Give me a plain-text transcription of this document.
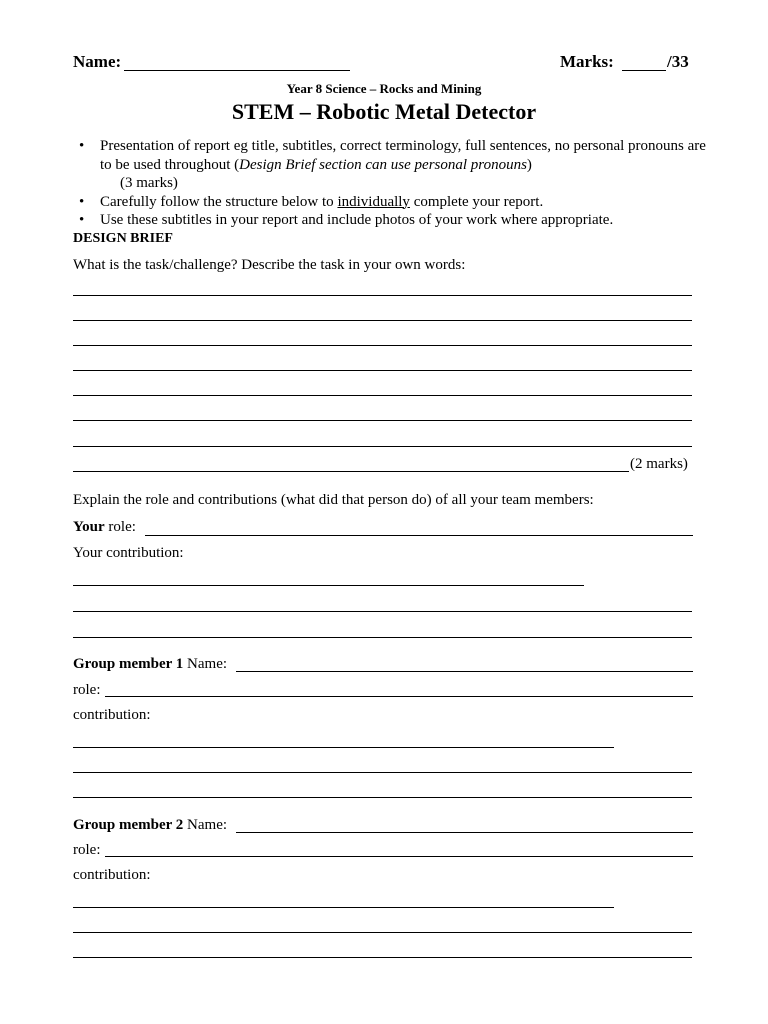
Name:	Marks:	/33
Year 8 Science – Rocks and Mining
STEM – Robotic Metal Detector
• Presentation of report eg title, subtitles, correct terminology, full sentences, no personal pronouns are to be used throughout (Design Brief section can use personal pronouns)
(3 marks)
• Carefully follow the structure below to individually complete your report.
• Use these subtitles in your report and include photos of your work where appropriate.
DESIGN BRIEF
What is the task/challenge? Describe the task in your own words:
(2 marks)
Explain the role and contributions (what did that person do) of all your team members:
Your role:
Your contribution:
Group member 1 Name:
role:
contribution:
Group member 2 Name:
role:
contribution:
